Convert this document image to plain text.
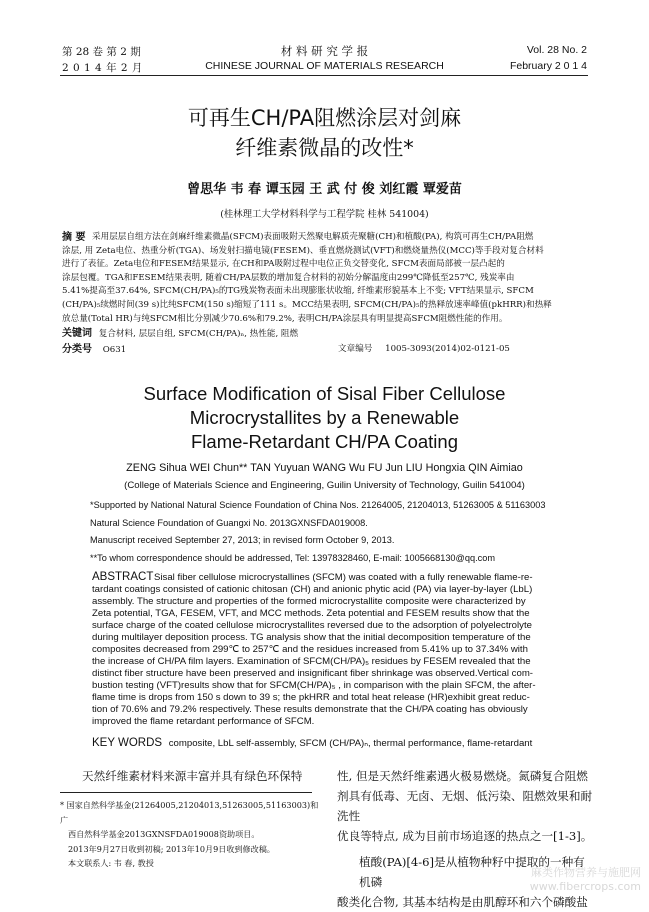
第 28 卷 第 2 期
2 0 1 4 年 2 月
材 料 研 究 学 报
CHINESE JOURNAL OF MATERIALS RESEARCH
Vol. 28 No. 2
February 2 0 1 4
可再生CH/PA阻燃涂层对剑麻
纤维素微晶的改性*
曾思华 韦 春 谭玉园 王 武 付 俊 刘红霞 覃爱苗
(桂林理工大学材料科学与工程学院 桂林 541004)
摘 要 采用层层自组方法在剑麻纤维素微晶(SFCM)表面吸附天然聚电解质壳聚糖(CH)和植酸(PA), 构筑可再生CH/PA阻燃
涂层, 用 Zeta电位、热重分析(TGA)、场发射扫描电镜(FESEM)、垂直燃烧测试(VFT)和燃烧量热仪(MCC)等手段对复合材料
进行了表征。Zeta电位和FESEM结果显示, 在CH和PA吸附过程中电位正负交替变化, SFCM表面局部被一层凸起的
涂层包覆。TGA和FESEM结果表明, 随着CH/PA层数的增加复合材料的初始分解温度由299℃降低至257℃, 残炭率由
5.41%提高至37.64%, SFCM(CH/PA)₅的TG残炭物表面未出现膨胀状收缩, 纤维素形貌基本上不变; VFT结果显示, SFCM
(CH/PA)₅续燃时间(39 s)比纯SFCM(150 s)缩短了111 s。MCC结果表明, SFCM(CH/PA)₅的热释放速率峰值(pkHRR)和热释
放总量(Total HR)与纯SFCM相比分别减少70.6%和79.2%, 表明CH/PA涂层具有明显提高SFCM阻燃性能的作用。
关键词 复合材料, 层层自组, SFCM(CH/PA)ₙ, 热性能, 阻燃
分类号 O631	文章编号 1005-3093(2014)02-0121-05
Surface Modification of Sisal Fiber Cellulose
Microcrystallites by a Renewable
Flame-Retardant CH/PA Coating
ZENG Sihua WEI Chun** TAN Yuyuan WANG Wu FU Jun LIU Hongxia QIN Aimiao
(College of Materials Science and Engineering, Guilin University of Technology, Guilin 541004)
*Supported by National Natural Science Foundation of China Nos. 21264005, 21204013, 51263005 & 51163003
Natural Science Foundation of Guangxi No. 2013GXNSFDA019008.
Manuscript received September 27, 2013; in revised form October 9, 2013.
**To whom correspondence should be addressed, Tel: 13978328460, E-mail: 1005668130@qq.com
ABSTRACT Sisal fiber cellulose microcrystallines (SFCM) was coated with a fully renewable flame-re-
tardant coatings consisted of cationic chitosan (CH) and anionic phytic acid (PA) via layer-by-layer (LbL)
assembly. The structure and properties of the formed microcrystallite composite were characterized by
Zeta potential, TGA, FESEM, VFT, and MCC methods. Zeta potential and FESEM results show that the
surface charge of the coated cellulose microcrystallites reversed due to the adsorption of polyelectrolyte
during multilayer deposition process. TG analysis show that the initial decomposition temperature of the
composites decreased from 299℃ to 257℃ and the residues increased from 5.41% up to 37.34% with
the increase of CH/PA film layers. Examination of SFCM(CH/PA)₅ residues by FESEM revealed that the
distinct fiber structure have been preserved and insignificant fiber shrinkage was observed.Vertical com-
bustion testing (VFT)results show that for SFCM(CH/PA)₅ , in comparison with the plain SFCM, the after-
flame time is drops from 150 s down to 39 s; the pkHRR and total heat release (HR)exhibit great reduc-
tion of 70.6% and 79.2% respectively. These results demonstrate that the CH/PA coating has obviously
improved the flame retardant performance of SFCM.
KEY WORDS composite, LbL self-assembly, SFCM (CH/PA)ₙ, thermal performance, flame-retardant
天然纤维素材料来源丰富并具有绿色环保特
* 国家自然科学基金(21264005,21204013,51263005,51163003)和广
西自然科学基金2013GXNSFDA019008资助项目。
2013年9月27日收到初稿; 2013年10月9日收到修改稿。
本文联系人: 韦 春, 教授
性, 但是天然纤维素遇火极易燃烧。氮磷复合阻燃
剂具有低毒、无卤、无烟、低污染、阻燃效果和耐洗性
优良等特点, 成为目前市场追逐的热点之一[1-3]。
植酸(PA)[4-6]是从植物种籽中提取的一种有机磷
酸类化合物, 其基本结构是由肌醇环和六个磷酸盐
麻类作物营养与施肥网
www.fibercrops.com
